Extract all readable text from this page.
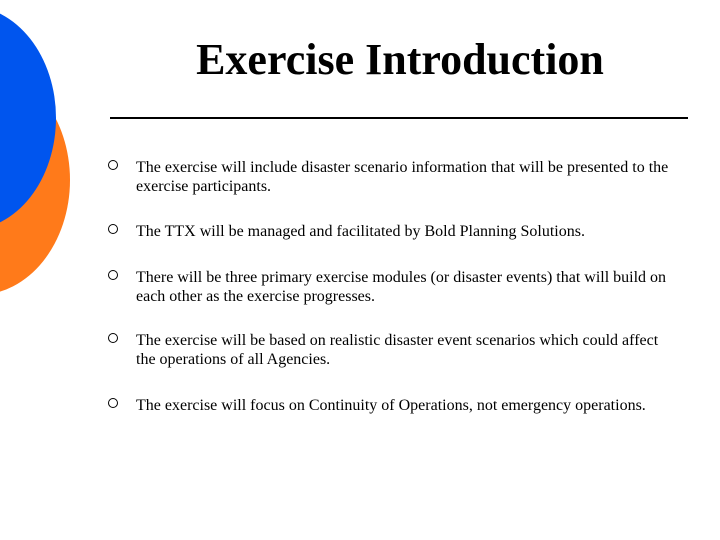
Exercise Introduction
The exercise will include disaster scenario information that will be presented to the exercise participants.
The TTX will be managed and facilitated by Bold Planning Solutions.
There will be three primary exercise modules (or disaster events) that will build on each other as the exercise progresses.
The exercise will be based on realistic disaster event scenarios which could affect the operations of all Agencies.
The exercise will focus on Continuity of Operations, not emergency operations.
